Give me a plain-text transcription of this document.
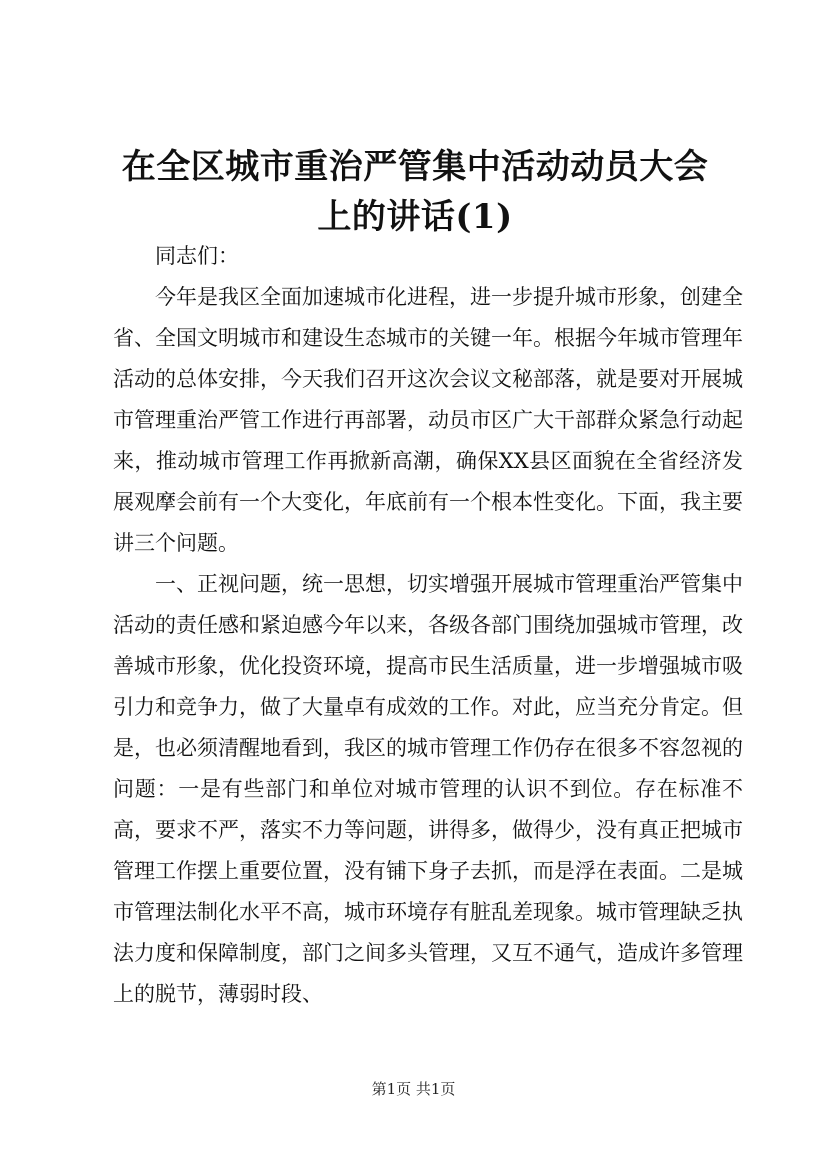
在全区城市重治严管集中活动动员大会上的讲话(1)

同志们：

今年是我区全面加速城市化进程，进一步提升城市形象，创建全省、全国文明城市和建设生态城市的关键一年。根据今年城市管理年活动的总体安排，今天我们召开这次会议文秘部落，就是要对开展城市管理重治严管工作进行再部署，动员市区广大干部群众紧急行动起来，推动城市管理工作再掀新高潮，确保XX县区面貌在全省经济发展观摩会前有一个大变化，年底前有一个根本性变化。下面，我主要讲三个问题。

一、正视问题，统一思想，切实增强开展城市管理重治严管集中活动的责任感和紧迫感今年以来，各级各部门围绕加强城市管理，改善城市形象，优化投资环境，提高市民生活质量，进一步增强城市吸引力和竞争力，做了大量卓有成效的工作。对此，应当充分肯定。但是，也必须清醒地看到，我区的城市管理工作仍存在很多不容忽视的问题：一是有些部门和单位对城市管理的认识不到位。存在标准不高，要求不严，落实不力等问题，讲得多，做得少，没有真正把城市管理工作摆上重要位置，没有铺下身子去抓，而是浮在表面。二是城市管理法制化水平不高，城市环境存有脏乱差现象。城市管理缺乏执法力度和保障制度，部门之间多头管理，又互不通气，造成许多管理上的脱节，薄弱时段、

第1页 共1页
